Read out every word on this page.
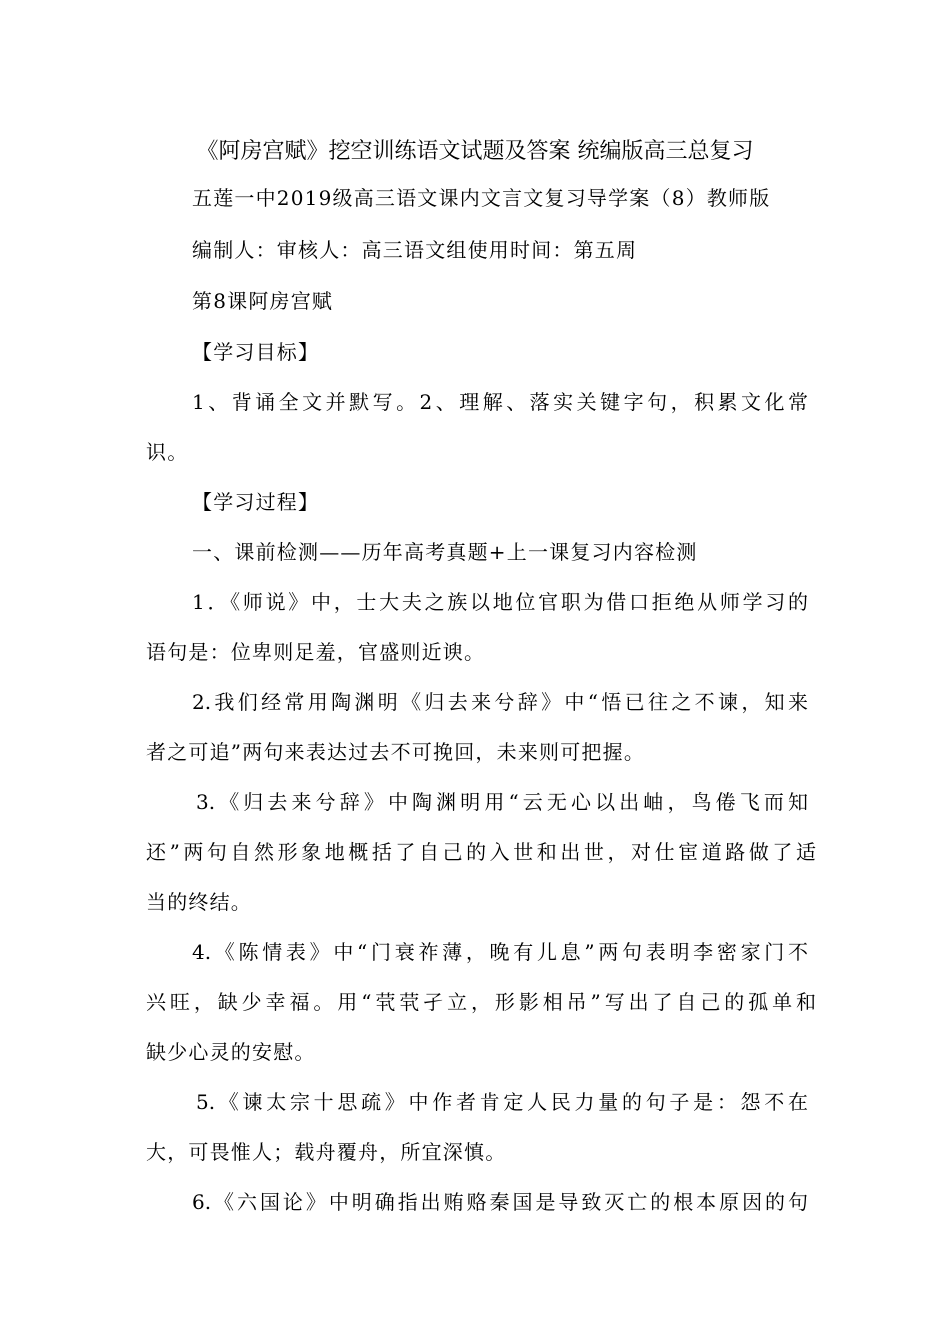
《阿房宫赋》挖空训练语文试题及答案 统编版高三总复习
五莲一中2019级高三语文课内文言文复习导学案（8）教师版
编制人：审核人：高三语文组使用时间：第五周
第8课阿房宫赋
【学习目标】
1、背诵全文并默写。2、理解、落实关键字句，积累文化常
识。
【学习过程】
一、课前检测——历年高考真题+上一课复习内容检测
1．《师说》中，士大夫之族以地位官职为借口拒绝从师学习的
语句是：位卑则足羞，官盛则近谀。
2.我们经常用陶渊明《归去来兮辞》中“悟已往之不谏，知来
者之可追”两句来表达过去不可挽回，未来则可把握。
3.《归去来兮辞》中陶渊明用“云无心以出岫，鸟倦飞而知
还”两句自然形象地概括了自己的入世和出世，对仕宦道路做了适
当的终结。
4.《陈情表》中“门衰祚薄，晚有儿息”两句表明李密家门不
兴旺，缺少幸福。用“茕茕孑立，形影相吊”写出了自己的孤单和
缺少心灵的安慰。
5.《谏太宗十思疏》中作者肯定人民力量的句子是：怨不在
大，可畏惟人；载舟覆舟，所宜深慎。
6.《六国论》中明确指出贿赂秦国是导致灭亡的根本原因的句
